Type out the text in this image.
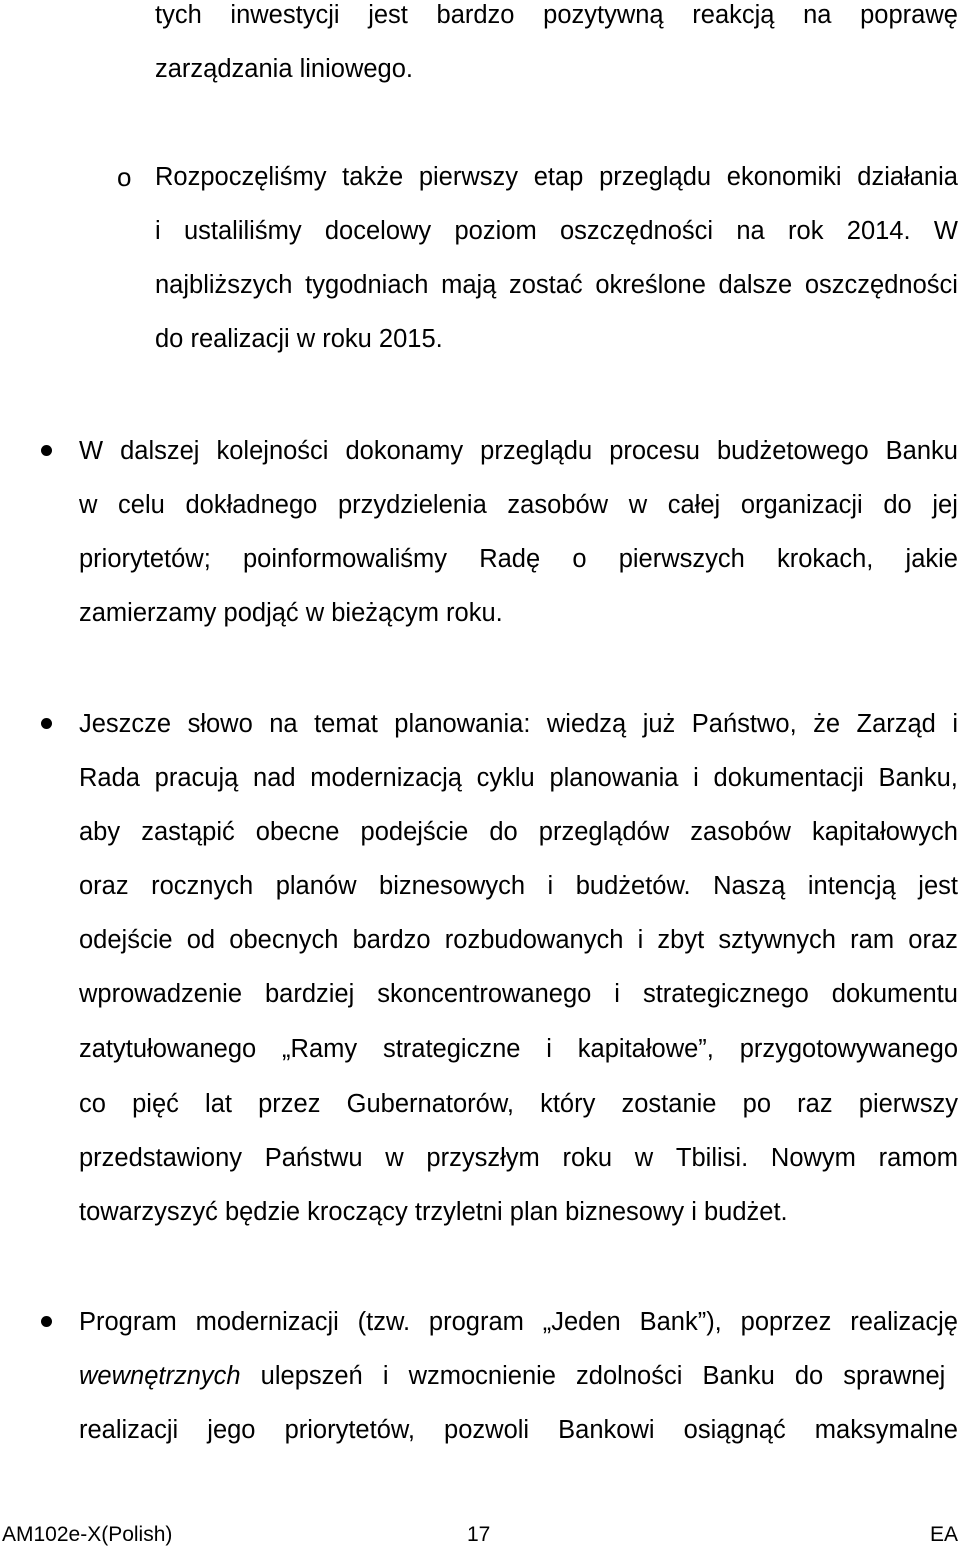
tych inwestycji jest bardzo pozytywną reakcją na poprawę
zarządzania liniowego.
o Rozpoczęliśmy także pierwszy etap przeglądu ekonomiki działania
i ustaliliśmy docelowy poziom oszczędności na rok 2014. W
najbliższych tygodniach mają zostać określone dalsze oszczędności
do realizacji w roku 2015.
W dalszej kolejności dokonamy przeglądu procesu budżetowego Banku
w celu dokładnego przydzielenia zasobów w całej organizacji do jej
priorytetów; poinformowaliśmy Radę o pierwszych krokach, jakie
zamierzamy podjąć w bieżącym roku.
Jeszcze słowo na temat planowania: wiedzą już Państwo, że Zarząd i
Rada pracują nad modernizacją cyklu planowania i dokumentacji Banku,
aby zastąpić obecne podejście do przeglądów zasobów kapitałowych
oraz rocznych planów biznesowych i budżetów. Naszą intencją jest
odejście od obecnych bardzo rozbudowanych i zbyt sztywnych ram oraz
wprowadzenie bardziej skoncentrowanego i strategicznego dokumentu
zatytułowanego „Ramy strategiczne i kapitałowe”, przygotowywanego
co pięć lat przez Gubernatorów, który zostanie po raz pierwszy
przedstawiony Państwu w przyszłym roku w Tbilisi. Nowym ramom
towarzyszyć będzie kroczący trzyletni plan biznesowy i budżet.
Program modernizacji (tzw. program „Jeden Bank”), poprzez realizację
wewnętrznych ulepszeń i wzmocnienie zdolności Banku do sprawnej
realizacji jego priorytetów, pozwoli Bankowi osiągnąć maksymalne
AM102e-X(Polish)	17	EA
